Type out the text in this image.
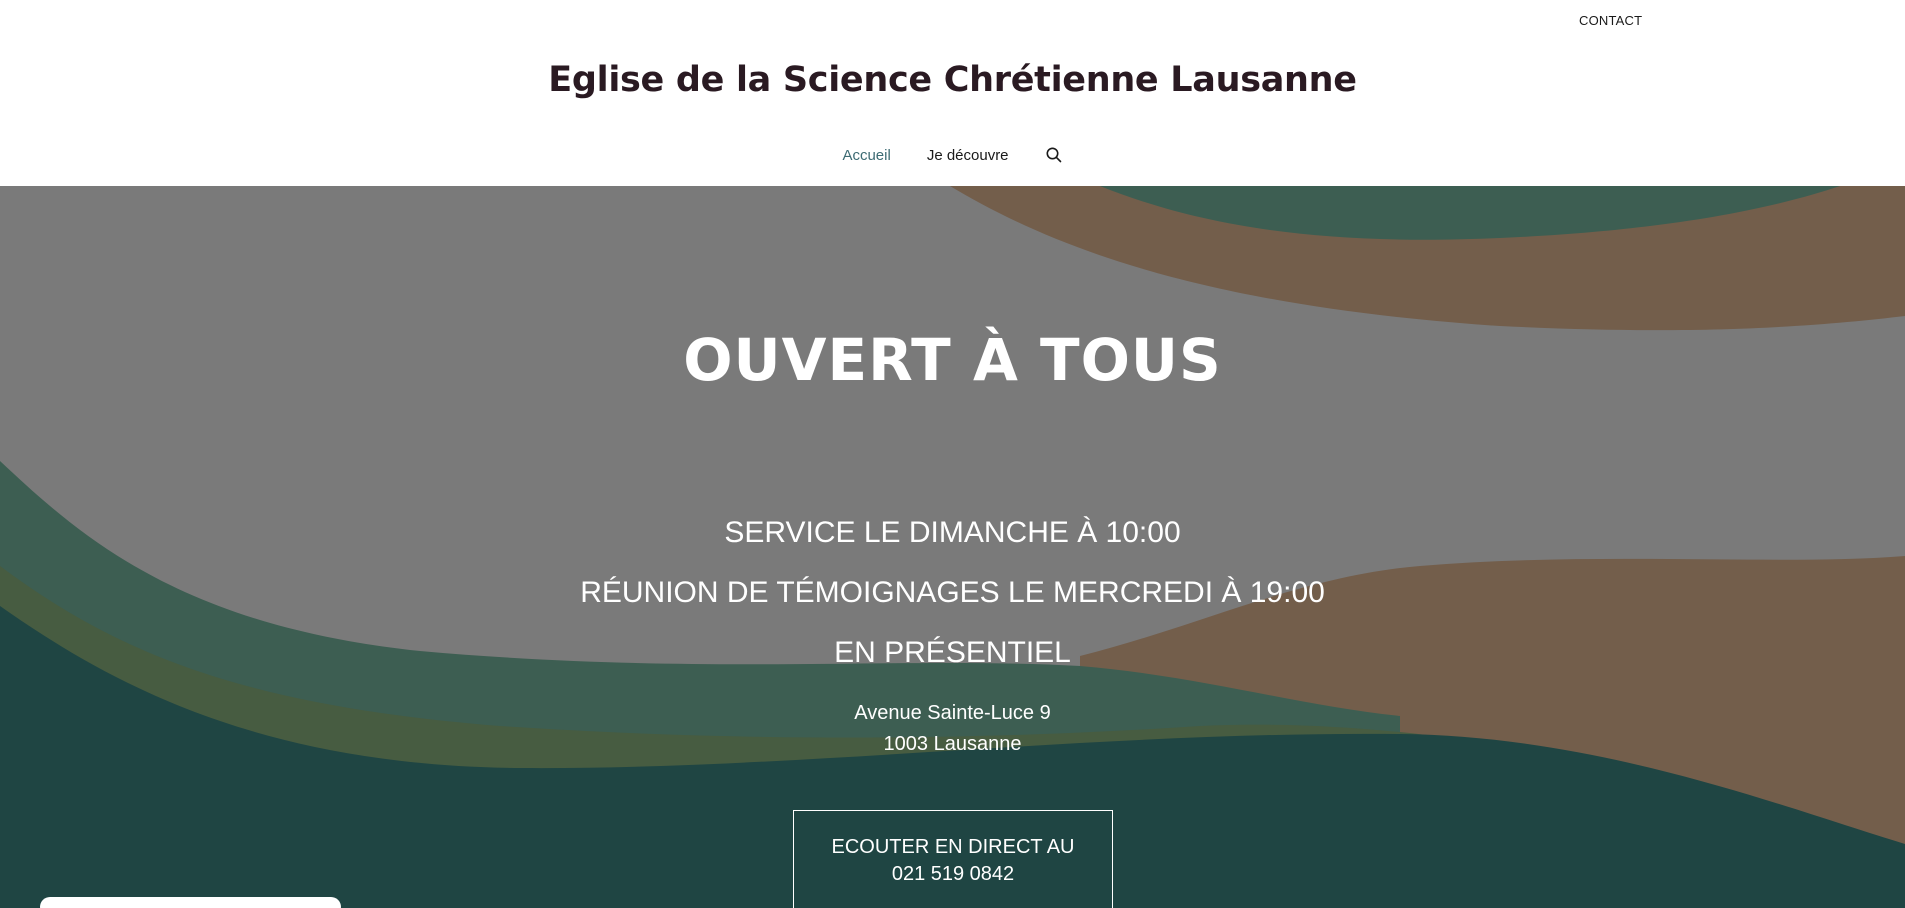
CONTACT
Eglise de la Science Chrétienne Lausanne
Accueil Je découvre
OUVERT À TOUS
SERVICE LE DIMANCHE À 10:00
RÉUNION DE TÉMOIGNAGES LE MERCREDI À 19:00
EN PRÉSENTIEL
Avenue Sainte-Luce 9
1003 Lausanne
ECOUTER EN DIRECT AU
021 519 0842
